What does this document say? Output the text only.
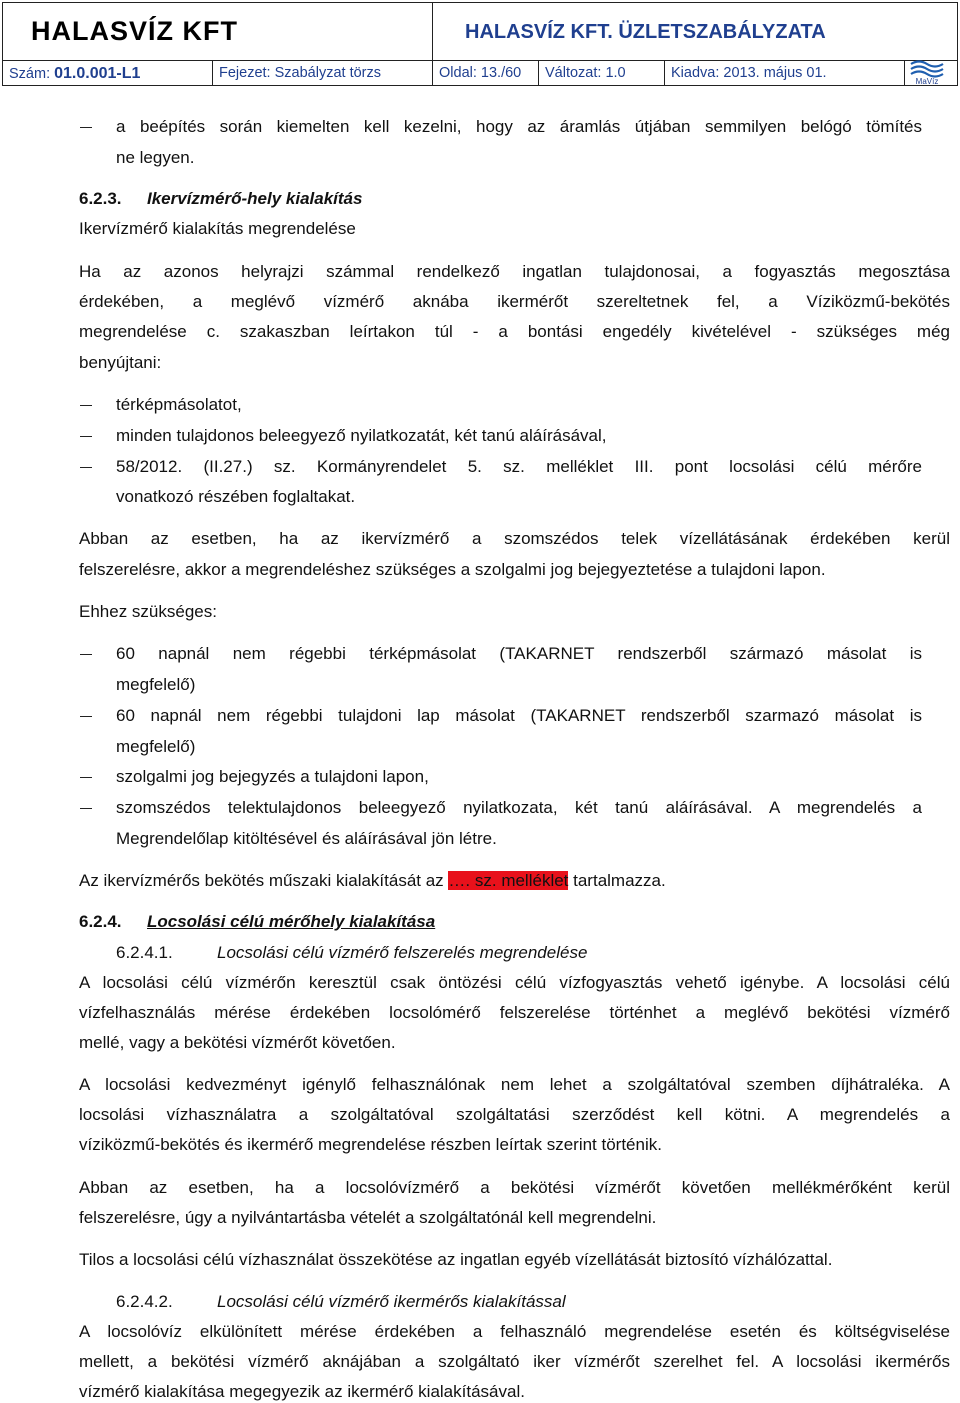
HALASVÍZ KFT	HALASVÍZ KFT. ÜZLETSZABÁLYZATA
Szám: 01.0.001-L1	Fejezet: Szabályzat törzs	Oldal: 13./60	Változat: 1.0	Kiadva: 2013. május 01.
MaVíz
a beépítés során kiemelten kell kezelni, hogy az áramlás útjában semmilyen belógó tömítés
ne legyen.
6.2.3. Ikervízmérő-hely kialakítás
Ikervízmérő kialakítás megrendelése
Ha az azonos helyrajzi számmal rendelkező ingatlan tulajdonosai, a fogyasztás megosztása
érdekében, a meglévő vízmérő aknába ikermérőt szereltetnek fel, a Víziközmű-bekötés
megrendelése c. szakaszban leírtakon túl - a bontási engedély kivételével - szükséges még
benyújtani:
térképmásolatot,
minden tulajdonos beleegyező nyilatkozatát, két tanú aláírásával,
58/2012. (II.27.) sz. Kormányrendelet 5. sz. melléklet III. pont locsolási célú mérőre
vonatkozó részében foglaltakat.
Abban az esetben, ha az ikervízmérő a szomszédos telek vízellátásának érdekében kerül
felszerelésre, akkor a megrendeléshez szükséges a szolgalmi jog bejegyeztetése a tulajdoni lapon.
Ehhez szükséges:
60 napnál nem régebbi térképmásolat (TAKARNET rendszerből származó másolat is
megfelelő)
60 napnál nem régebbi tulajdoni lap másolat (TAKARNET rendszerből szarmazó másolat is
megfelelő)
szolgalmi jog bejegyzés a tulajdoni lapon,
szomszédos telektulajdonos beleegyező nyilatkozata, két tanú aláírásával. A megrendelés a
Megrendelőlap kitöltésével és aláírásával jön létre.
Az ikervízmérős bekötés műszaki kialakítását az …. sz. melléklet tartalmazza.
6.2.4. Locsolási célú mérőhely kialakítása
6.2.4.1.	Locsolási célú vízmérő felszerelés megrendelése
A locsolási célú vízmérőn keresztül csak öntözési célú vízfogyasztás vehető igénybe. A locsolási célú
vízfelhasználás mérése érdekében locsolómérő felszerelése történhet a meglévő bekötési vízmérő
mellé, vagy a bekötési vízmérőt követően.
A locsolási kedvezményt igénylő felhasználónak nem lehet a szolgáltatóval szemben díjhátraléka. A
locsolási vízhasználatra a szolgáltatóval szolgáltatási szerződést kell kötni. A megrendelés a
víziközmű-bekötés és ikermérő megrendelése részben leírtak szerint történik.
Abban az esetben, ha a locsolóvízmérő a bekötési vízmérőt követően mellékmérőként kerül
felszerelésre, úgy a nyilvántartásba vételét a szolgáltatónál kell megrendelni.
Tilos a locsolási célú vízhasználat összekötése az ingatlan egyéb vízellátását biztosító vízhálózattal.
6.2.4.2.	Locsolási célú vízmérő ikermérős kialakítással
A locsolóvíz elkülönített mérése érdekében a felhasználó megrendelése esetén és költségviselése
mellett, a bekötési vízmérő aknájában a szolgáltató iker vízmérőt szerelhet fel. A locsolási ikermérős
vízmérő kialakítása megegyezik az ikermérő kialakításával.
